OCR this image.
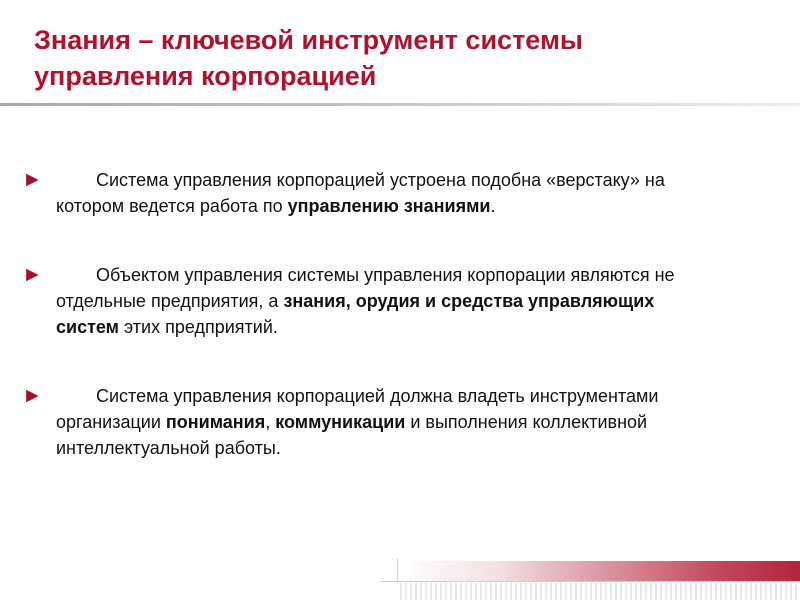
Знания – ключевой инструмент системы
управления корпорацией
►	Система управления корпорацией устроена подобна «верстаку» на котором ведется работа по управлению знаниями.
►	Объектом управления системы управления корпорации являются не отдельные предприятия, а знания, орудия и средства управляющих систем этих предприятий.
►	Система управления корпорацией должна владеть инструментами организации понимания, коммуникации и выполнения коллективной интеллектуальной работы.
